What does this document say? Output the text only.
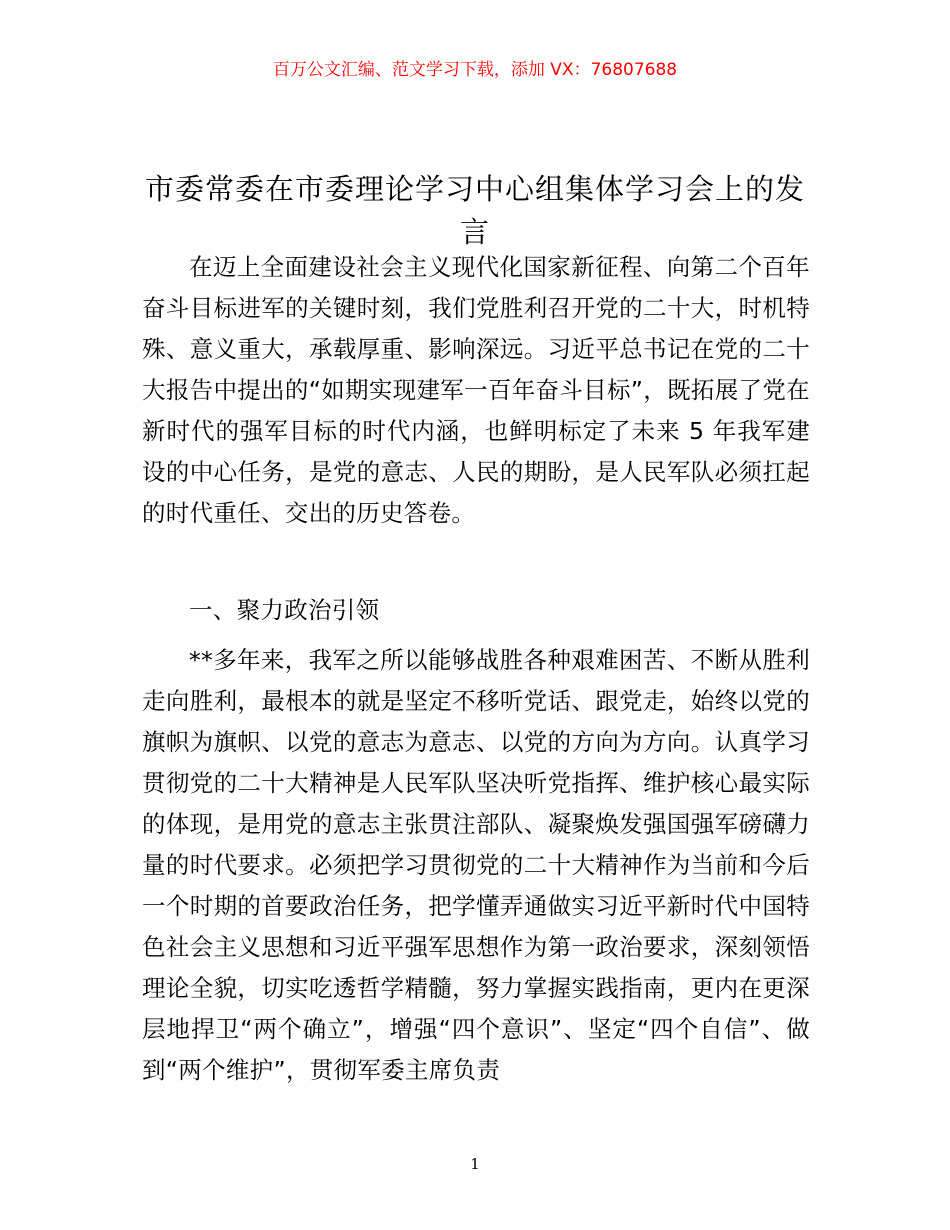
百万公文汇编、范文学习下载，添加 VX：76807688
市委常委在市委理论学习中心组集体学习会上的发言

在迈上全面建设社会主义现代化国家新征程、向第二个百年奋斗目标进军的关键时刻，我们党胜利召开党的二十大，时机特殊、意义重大，承载厚重、影响深远。习近平总书记在党的二十大报告中提出的“如期实现建军一百年奋斗目标”，既拓展了党在新时代的强军目标的时代内涵，也鲜明标定了未来 5 年我军建设的中心任务，是党的意志、人民的期盼，是人民军队必须扛起的时代重任、交出的历史答卷。

一、聚力政治引领

**多年来，我军之所以能够战胜各种艰难困苦、不断从胜利走向胜利，最根本的就是坚定不移听党话、跟党走，始终以党的旗帜为旗帜、以党的意志为意志、以党的方向为方向。认真学习贯彻党的二十大精神是人民军队坚决听党指挥、维护核心最实际的体现，是用党的意志主张贯注部队、凝聚焕发强国强军磅礴力量的时代要求。必须把学习贯彻党的二十大精神作为当前和今后一个时期的首要政治任务，把学懂弄通做实习近平新时代中国特色社会主义思想和习近平强军思想作为第一政治要求，深刻领悟理论全貌，切实吃透哲学精髓，努力掌握实践指南，更内在更深层地捍卫“两个确立”，增强“四个意识”、坚定“四个自信”、做到“两个维护”，贯彻军委主席负责

1
